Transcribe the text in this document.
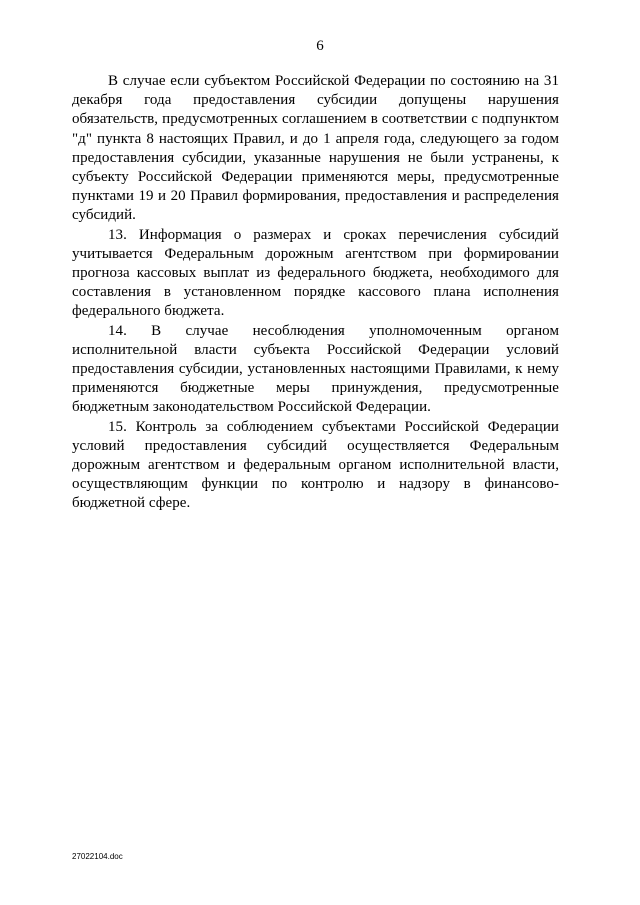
6

В случае если субъектом Российской Федерации по состоянию на 31 декабря года предоставления субсидии допущены нарушения обязательств, предусмотренных соглашением в соответствии с подпунктом "д" пункта 8 настоящих Правил, и до 1 апреля года, следующего за годом предоставления субсидии, указанные нарушения не были устранены, к субъекту Российской Федерации применяются меры, предусмотренные пунктами 19 и 20 Правил формирования, предоставления и распределения субсидий.

13. Информация о размерах и сроках перечисления субсидий учитывается Федеральным дорожным агентством при формировании прогноза кассовых выплат из федерального бюджета, необходимого для составления в установленном порядке кассового плана исполнения федерального бюджета.

14. В случае несоблюдения уполномоченным органом исполнительной власти субъекта Российской Федерации условий предоставления субсидии, установленных настоящими Правилами, к нему применяются бюджетные меры принуждения, предусмотренные бюджетным законодательством Российской Федерации.

15. Контроль за соблюдением субъектами Российской Федерации условий предоставления субсидий осуществляется Федеральным дорожным агентством и федеральным органом исполнительной власти, осуществляющим функции по контролю и надзору в финансово-бюджетной сфере.

27022104.doc
